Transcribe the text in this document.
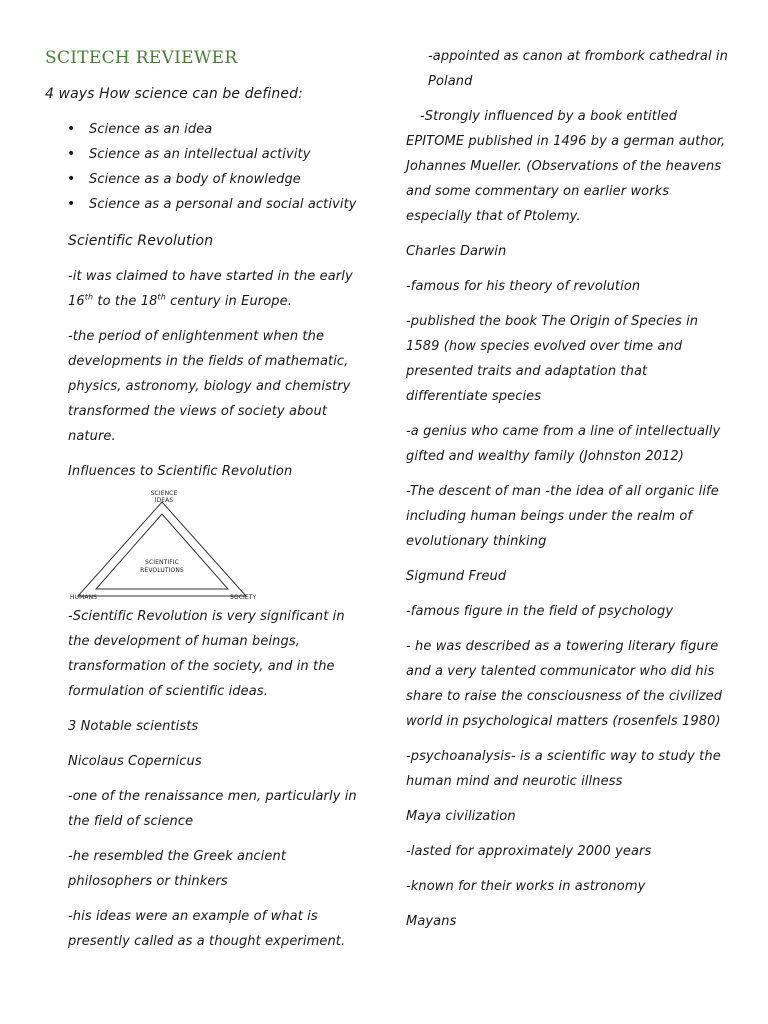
SCITECH REVIEWER
4 ways How science can be defined:
• Science as an idea
• Science as an intellectual activity
• Science as a body of knowledge
• Science as a personal and social activity

Scientific Revolution

-it was claimed to have started in the early 16th to the 18th century in Europe.

-the period of enlightenment when the developments in the fields of mathematic, physics, astronomy, biology and chemistry transformed the views of society about nature.

Influences to Scientific Revolution

SCIENCE
IDEAS
SCIENTIFIC
REVOLUTIONS
HUMANS	SOCIETY

-Scientific Revolution is very significant in the development of human beings, transformation of the society, and in the formulation of scientific ideas.

3 Notable scientists

Nicolaus Copernicus

-one of the renaissance men, particularly in the field of science

-he resembled the Greek ancient philosophers or thinkers

-his ideas were an example of what is presently called as a thought experiment.

-appointed as canon at frombork cathedral in Poland

-Strongly influenced by a book entitled EPITOME published in 1496 by a german author, Johannes Mueller. (Observations of the heavens and some commentary on earlier works especially that of Ptolemy.

Charles Darwin

-famous for his theory of revolution

-published the book The Origin of Species in 1589 (how species evolved over time and presented traits and adaptation that differentiate species

-a genius who came from a line of intellectually gifted and wealthy family (Johnston 2012)

-The descent of man -the idea of all organic life including human beings under the realm of evolutionary thinking

Sigmund Freud

-famous figure in the field of psychology

- he was described as a towering literary figure and a very talented communicator who did his share to raise the consciousness of the civilized world in psychological matters (rosenfels 1980)

-psychoanalysis- is a scientific way to study the human mind and neurotic illness

Maya civilization

-lasted for approximately 2000 years

-known for their works in astronomy

Mayans
